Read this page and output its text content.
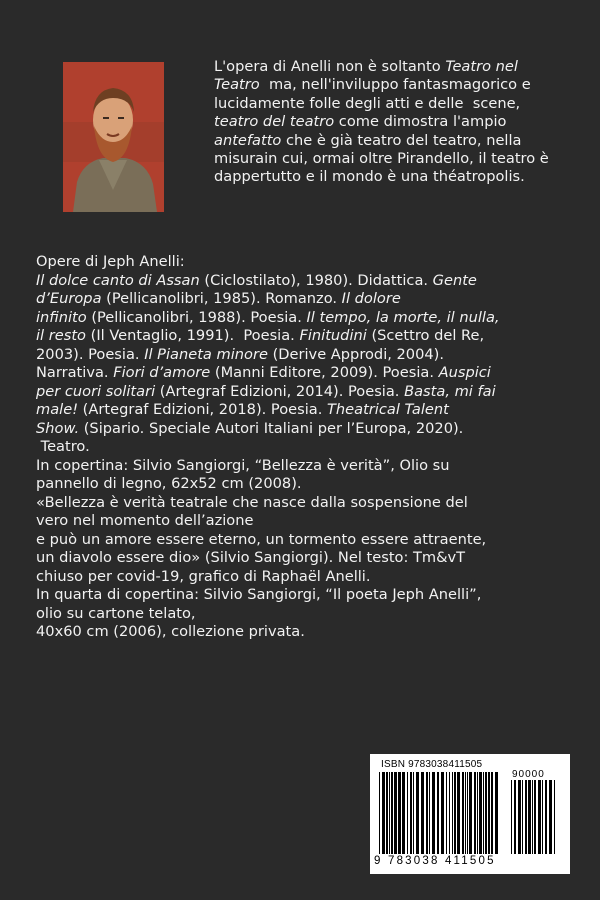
L'opera di Anelli non è soltanto Teatro nel Teatro  ma, nell'inviluppo fantasmagorico e lucidamente folle degli atti e delle  scene, teatro del teatro come dimostra l'ampio antefatto che è già teatro del teatro, nella misurain cui, ormai oltre Pirandello, il teatro è dappertutto e il mondo è una théatropolis.
Opere di Jeph Anelli:
Il dolce canto di Assan (Ciclostilato), 1980). Didattica. Gente
d’Europa (Pellicanolibri, 1985). Romanzo. Il dolore
infinito (Pellicanolibri, 1988). Poesia. Il tempo, la morte, il nulla,
il resto (Il Ventaglio, 1991).  Poesia. Finitudini (Scettro del Re,
2003). Poesia. Il Pianeta minore (Derive Approdi, 2004).
Narrativa. Fiori d’amore (Manni Editore, 2009). Poesia. Auspici
per cuori solitari (Artegraf Edizioni, 2014). Poesia. Basta, mi fai
male! (Artegraf Edizioni, 2018). Poesia. Theatrical Talent
Show. (Sipario. Speciale Autori Italiani per l’Europa, 2020).
Teatro.
In copertina: Silvio Sangiorgi, “Bellezza è verità”, Olio su
pannello di legno, 62x52 cm (2008).
«Bellezza è verità teatrale che nasce dalla sospensione del
vero nel momento dell’azione
e può un amore essere eterno, un tormento essere attraente,
un diavolo essere dio» (Silvio Sangiorgi). Nel testo: Tm&vT
chiuso per covid-19, grafico di Raphaël Anelli.
In quarta di copertina: Silvio Sangiorgi, “Il poeta Jeph Anelli”,
olio su cartone telato,
40x60 cm (2006), collezione privata.
ISBN 9783038411505
90000
9 783038 411505
